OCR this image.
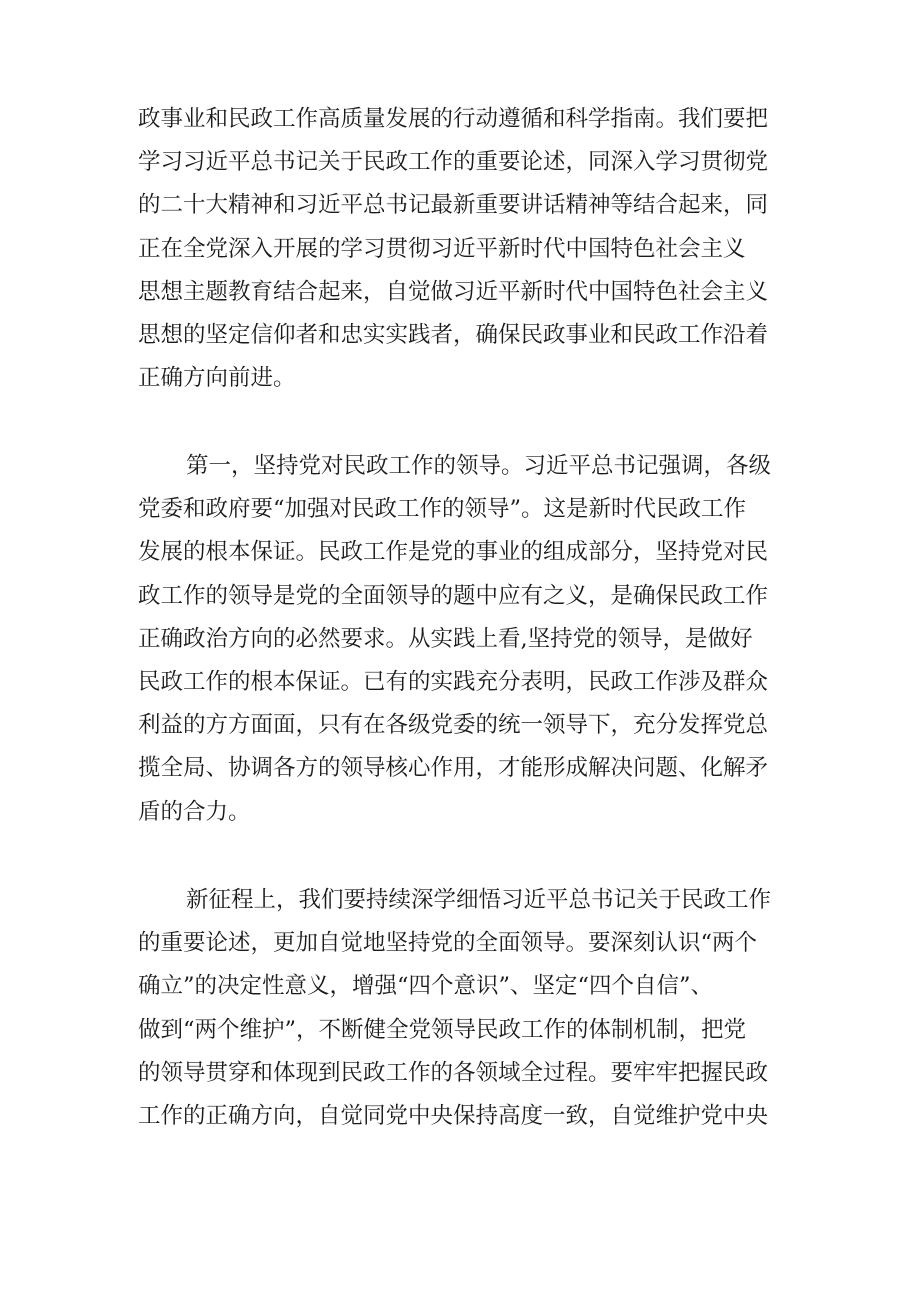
政事业和民政工作高质量发展的行动遵循和科学指南。我们要把
学习习近平总书记关于民政工作的重要论述，同深入学习贯彻党
的二十大精神和习近平总书记最新重要讲话精神等结合起来，同
正在全党深入开展的学习贯彻习近平新时代中国特色社会主义
思想主题教育结合起来，自觉做习近平新时代中国特色社会主义
思想的坚定信仰者和忠实实践者，确保民政事业和民政工作沿着
正确方向前进。

第一，坚持党对民政工作的领导。习近平总书记强调，各级
党委和政府要“加强对民政工作的领导”。这是新时代民政工作
发展的根本保证。民政工作是党的事业的组成部分，坚持党对民
政工作的领导是党的全面领导的题中应有之义，是确保民政工作
正确政治方向的必然要求。从实践上看,坚持党的领导，是做好
民政工作的根本保证。已有的实践充分表明，民政工作涉及群众
利益的方方面面，只有在各级党委的统一领导下，充分发挥党总
揽全局、协调各方的领导核心作用，才能形成解决问题、化解矛
盾的合力。

新征程上，我们要持续深学细悟习近平总书记关于民政工作
的重要论述，更加自觉地坚持党的全面领导。要深刻认识“两个
确立”的决定性意义，增强“四个意识”、坚定“四个自信”、
做到“两个维护”，不断健全党领导民政工作的体制机制，把党
的领导贯穿和体现到民政工作的各领域全过程。要牢牢把握民政
工作的正确方向，自觉同党中央保持高度一致，自觉维护党中央
